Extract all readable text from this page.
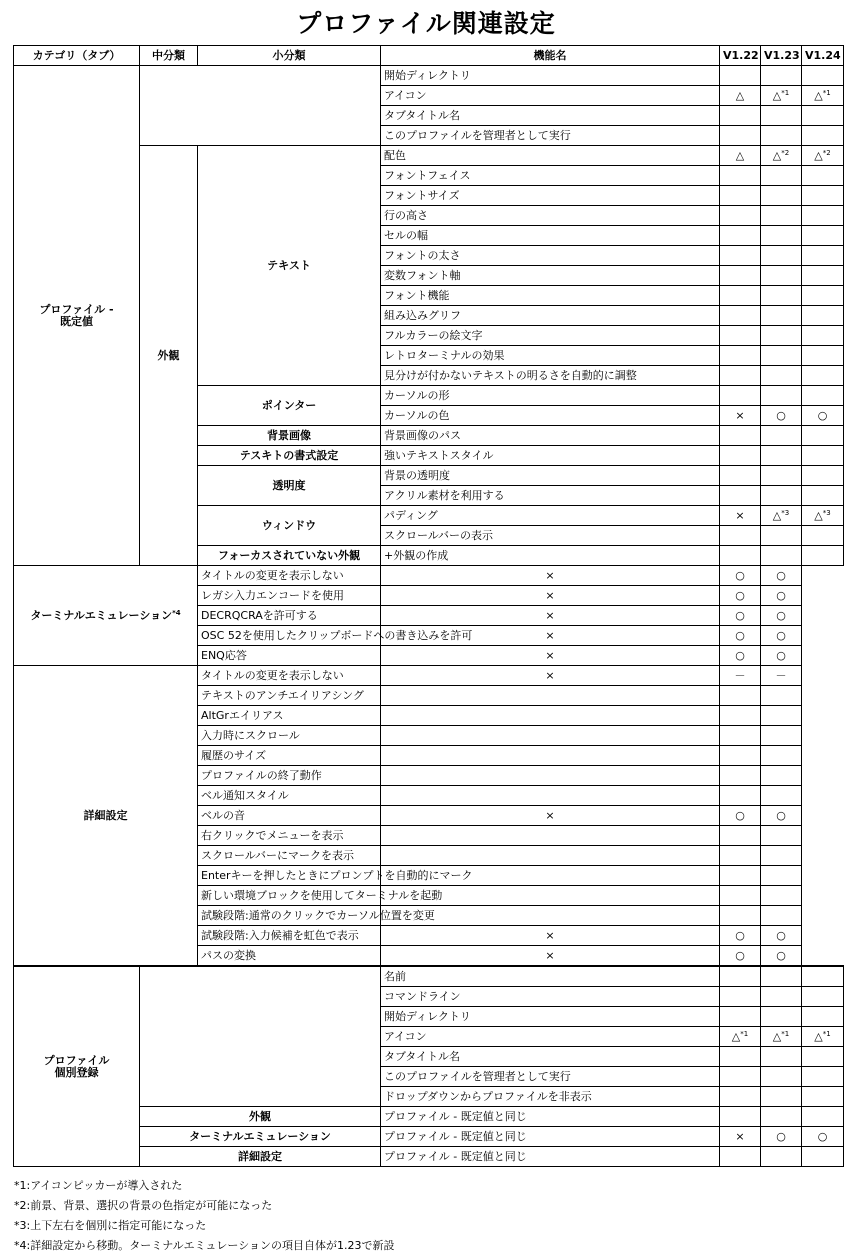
プロファイル関連設定
カテゴリ（タブ）	中分類	小分類	機能名	V1.22	V1.23	V1.24
プロファイル -
既定値			開始ディレクトリ			
			アイコン	△	△$^{*1}$	△$^{*1}$
			タブタイトル名			
			このプロファイルを管理者として実行			
	外観	テキスト	配色	△	△$^{*2}$	△$^{*2}$
			フォントフェイス			
			フォントサイズ			
			行の高さ			
			セルの幅			
			フォントの太さ			
			変数フォント軸			
			フォント機能			
			組み込みグリフ			
			フルカラーの絵文字			
			レトロターミナルの効果			
			見分けが付かないテキストの明るさを自動的に調整			
		ポインター	カーソルの形			
			カーソルの色	×	○	○
		背景画像	背景画像のパス			
		テスキトの書式設定	強いテキストスタイル			
		透明度	背景の透明度			
			アクリル素材を利用する			
		ウィンドウ	パディング	×	△$^{*3}$	△$^{*3}$
			スクロールバーの表示			
		フォーカスされていない外観	+外観の作成			
ターミナルエミュレーション$^{*4}$		タイトルの変更を表示しない	×	○	○	
		レガシ入力エンコードを使用	×	○	○	
		DECRQCRAを許可する	×	○	○	
		OSC 52を使用したクリップボードへの書き込みを許可	×	○	○	
		ENQ応答	×	○	○	
詳細設定		タイトルの変更を表示しない	×	－	－	
		テキストのアンチエイリアシング				
		AltGrエイリアス				
		入力時にスクロール				
		履歴のサイズ				
		プロファイルの終了動作				
		ベル通知スタイル				
		ベルの音	×	○	○	
		右クリックでメニューを表示				
		スクロールバーにマークを表示				
		Enterキーを押したときにプロンプトを自動的にマーク				
		新しい環境ブロックを使用してターミナルを起動				
		試験段階:通常のクリックでカーソル位置を変更				
		試験段階:入力候補を虹色で表示	×	○	○	
		パスの変換	×	○	○	
プロファイル
個別登録			名前			
			コマンドライン			
			開始ディレクトリ			
			アイコン	△$^{*1}$	△$^{*1}$	△$^{*1}$
			タブタイトル名			
			このプロファイルを管理者として実行			
			ドロップダウンからプロファイルを非表示			
	外観		プロファイル - 既定値と同じ			
	ターミナルエミュレーション		プロファイル - 既定値と同じ	×	○	○
	詳細設定		プロファイル - 既定値と同じ			
*1:アイコンピッカーが導入された
*2:前景、背景、選択の背景の色指定が可能になった
*3:上下左右を個別に指定可能になった
*4:詳細設定から移動。ターミナルエミュレーションの項目自体が1.23で新設
